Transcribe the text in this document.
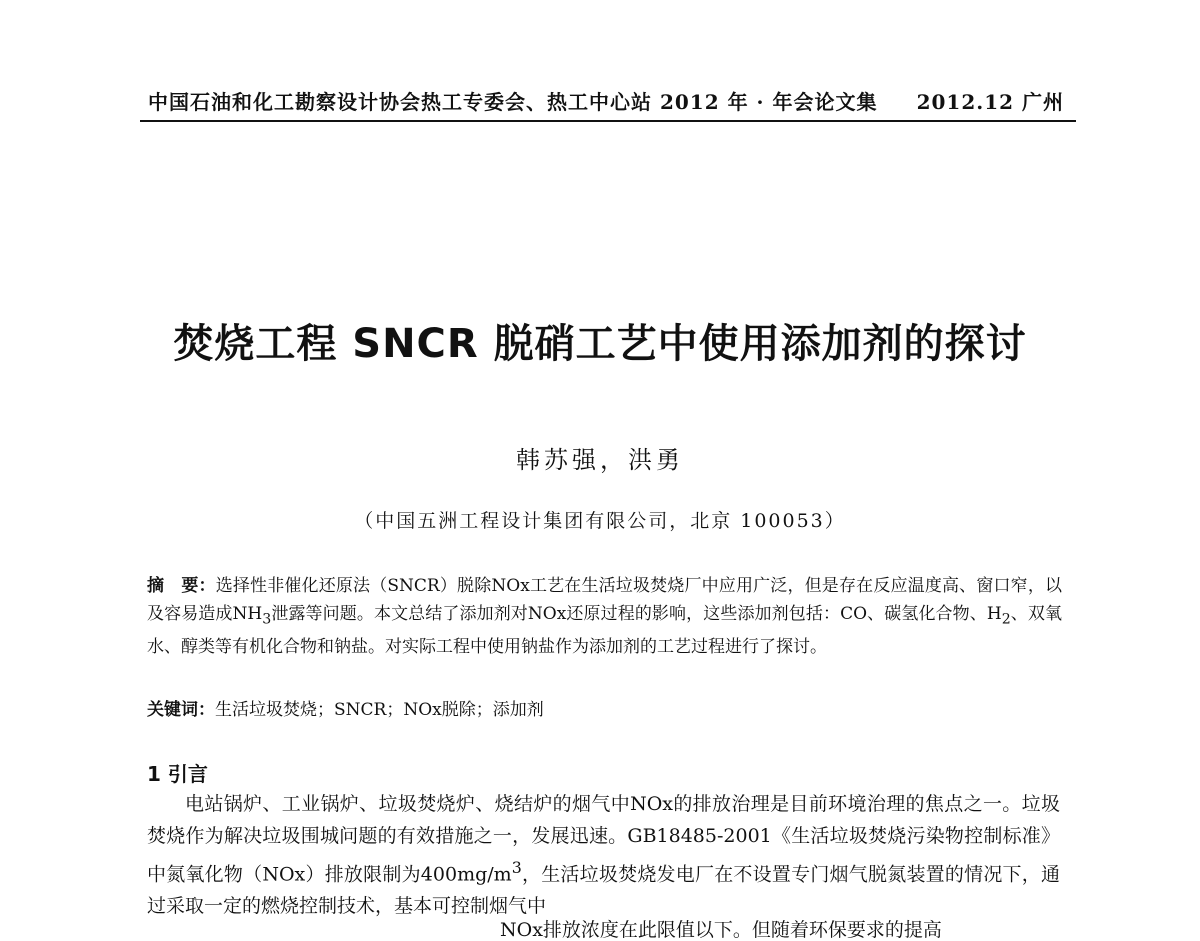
中国石油和化工勘察设计协会热工专委会、热工中心站 2012 年 · 年会论文集 2012.12 广州
焚烧工程 SNCR 脱硝工艺中使用添加剂的探讨
韩苏强，洪勇
（中国五洲工程设计集团有限公司，北京 100053）
摘　要：选择性非催化还原法（SNCR）脱除NOx工艺在生活垃圾焚烧厂中应用广泛，但是存在反应温度高、窗口窄，以及容易造成$NH_3$泄露等问题。本文总结了添加剂对NOx还原过程的影响，这些添加剂包括：CO、碳氢化合物、$H_2$、双氧水、醇类等有机化合物和钠盐。对实际工程中使用钠盐作为添加剂的工艺过程进行了探讨。
关键词：生活垃圾焚烧；SNCR；NOx脱除；添加剂
1 引言
电站锅炉、工业锅炉、垃圾焚烧炉、烧结炉的烟气中NOx的排放治理是目前环境治理的焦点之一。垃圾焚烧作为解决垃圾围城问题的有效措施之一，发展迅速。GB18485-2001《生活垃圾焚烧污染物控制标准》中氮氧化物（NOx）排放限制为$400mg/m^3$，生活垃圾焚烧发电厂在不设置专门烟气脱氮装置的情况下，通过采取一定的燃烧控制技术，基本可控制烟气中
NOx排放浓度在此限值以下。但随着环保要求的提高
